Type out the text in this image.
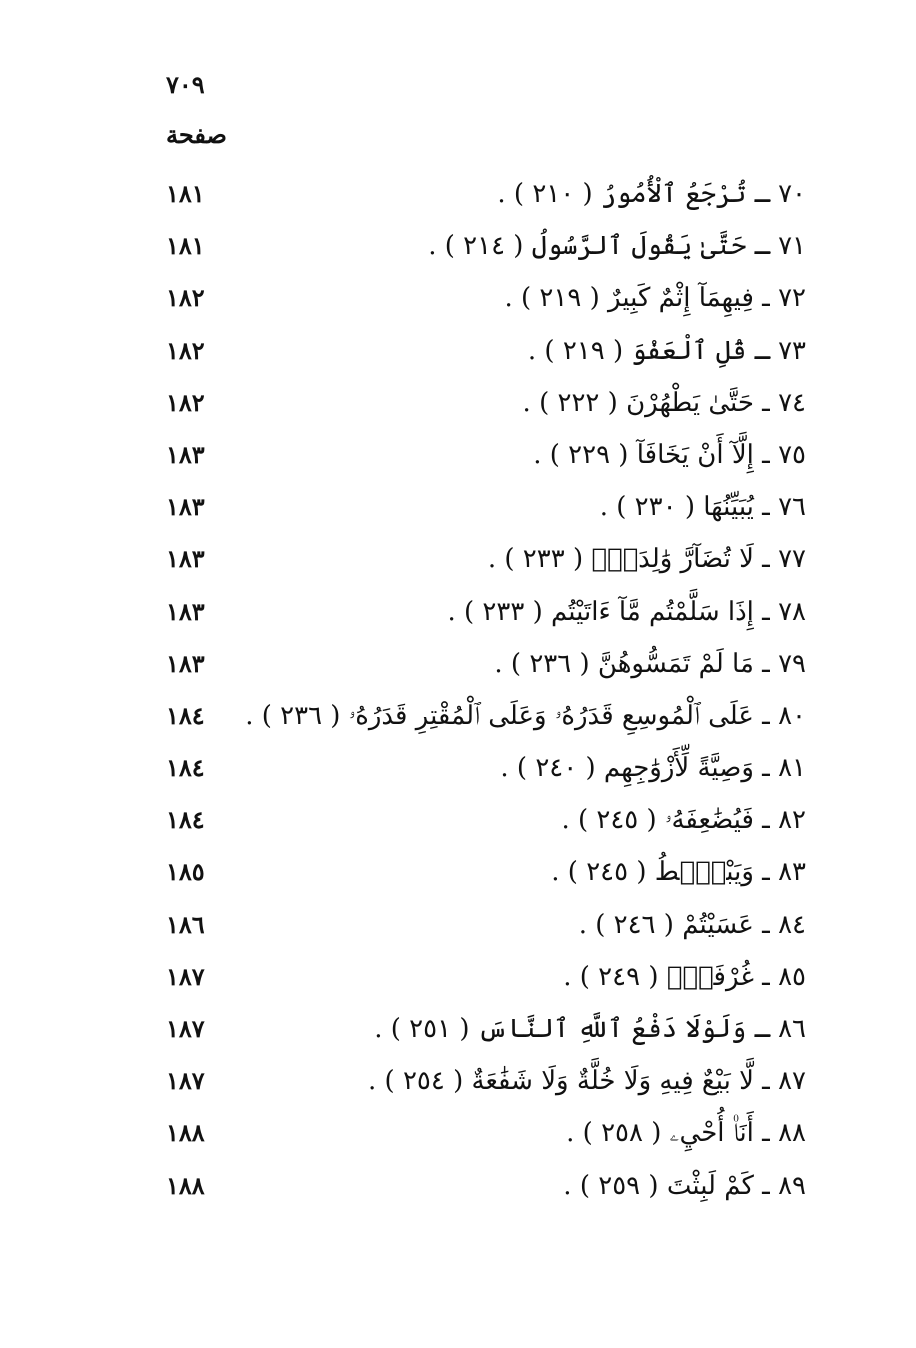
٧٠٩
صفحة
٧٠ ـ تُرْجَعُ ٱلْأُمُورُ ( ٢١٠ ) .
١٨١
٧١ ـ حَتَّىٰ يَقُولَ ٱلرَّسُولُ ( ٢١٤ ) .
١٨١
٧٢ ـ فِيهِمَآ إِثْمٌ كَبِيرٌ ( ٢١٩ ) .
١٨٢
٧٣ ـ قُلِ ٱلْعَفْوَ ( ٢١٩ ) .
١٨٢
٧٤ ـ حَتَّىٰ يَطْهُرْنَ ( ٢٢٢ ) .
١٨٢
٧٥ ـ إِلَّآ أَنْ يَخَافَآ ( ٢٢٩ ) .
١٨٣
٧٦ ـ يُبَيِّنُهَا ( ٢٣٠ ) .
١٨٣
٧٧ ـ لَا تُضَآرَّ وَٰلِدَةٌۢ ( ٢٣٣ ) .
١٨٣
٧٨ ـ إِذَا سَلَّمْتُم مَّآ ءَاتَيْتُم ( ٢٣٣ ) .
١٨٣
٧٩ ـ مَا لَمْ تَمَسُّوهُنَّ ( ٢٣٦ ) .
١٨٣
٨٠ ـ عَلَى ٱلْمُوسِعِ قَدَرُهُۥ وَعَلَى ٱلْمُقْتِرِ قَدَرُهُۥ ( ٢٣٦ ) .
١٨٤
٨١ ـ وَصِيَّةً لِّأَزْوَٰجِهِم ( ٢٤٠ ) .
١٨٤
٨٢ ـ فَيُضَٰعِفَهُۥ ( ٢٤٥ ) .
١٨٤
٨٣ ـ وَيَبْصُۜطُ ( ٢٤٥ ) .
١٨٥
٨٤ ـ عَسَيْتُمْ ( ٢٤٦ ) .
١٨٦
٨٥ ـ غُرْفَةًۢ ( ٢٤٩ ) .
١٨٧
٨٦ ـ وَلَوْلَا دَفْعُ ٱللَّهِ ٱلنَّاسَ ( ٢٥١ ) .
١٨٧
٨٧ ـ لَّا بَيْعٌ فِيهِ وَلَا خُلَّةٌ وَلَا شَفَٰعَةٌ ( ٢٥٤ ) .
١٨٧
٨٨ ـ أَنَا۠ أُحْيِۦ ( ٢٥٨ ) .
١٨٨
٨٩ ـ كَمْ لَبِثْتَ ( ٢٥٩ ) .
١٨٨
